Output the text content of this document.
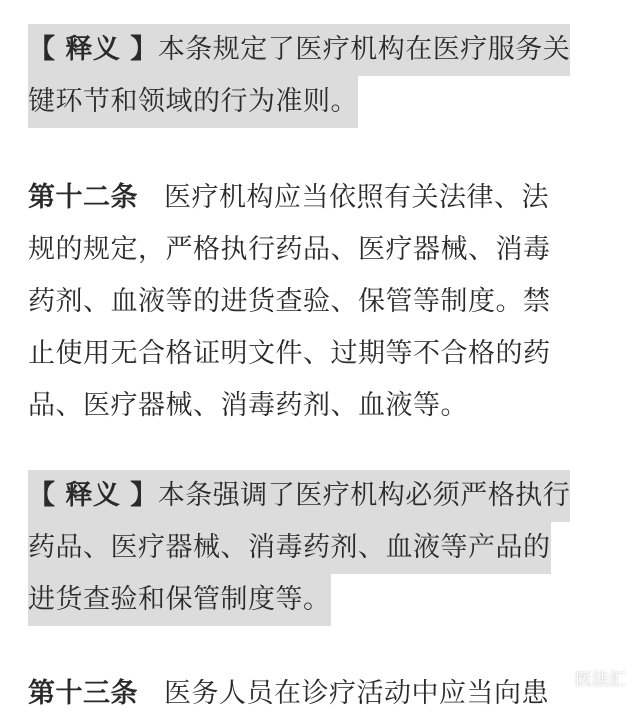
【 释义 】本条规定了医疗机构在医疗服务关
键环节和领域的行为准则。
第十二条 医疗机构应当依照有关法律、法
规的规定，严格执行药品、医疗器械、消毒
药剂、血液等的进货查验、保管等制度。禁
止使用无合格证明文件、过期等不合格的药
品、医疗器械、消毒药剂、血液等。
【 释义 】本条强调了医疗机构必须严格执行
药品、医疗器械、消毒药剂、血液等产品的
进货查验和保管制度等。
第十三条 医务人员在诊疗活动中应当向患 医法汇
